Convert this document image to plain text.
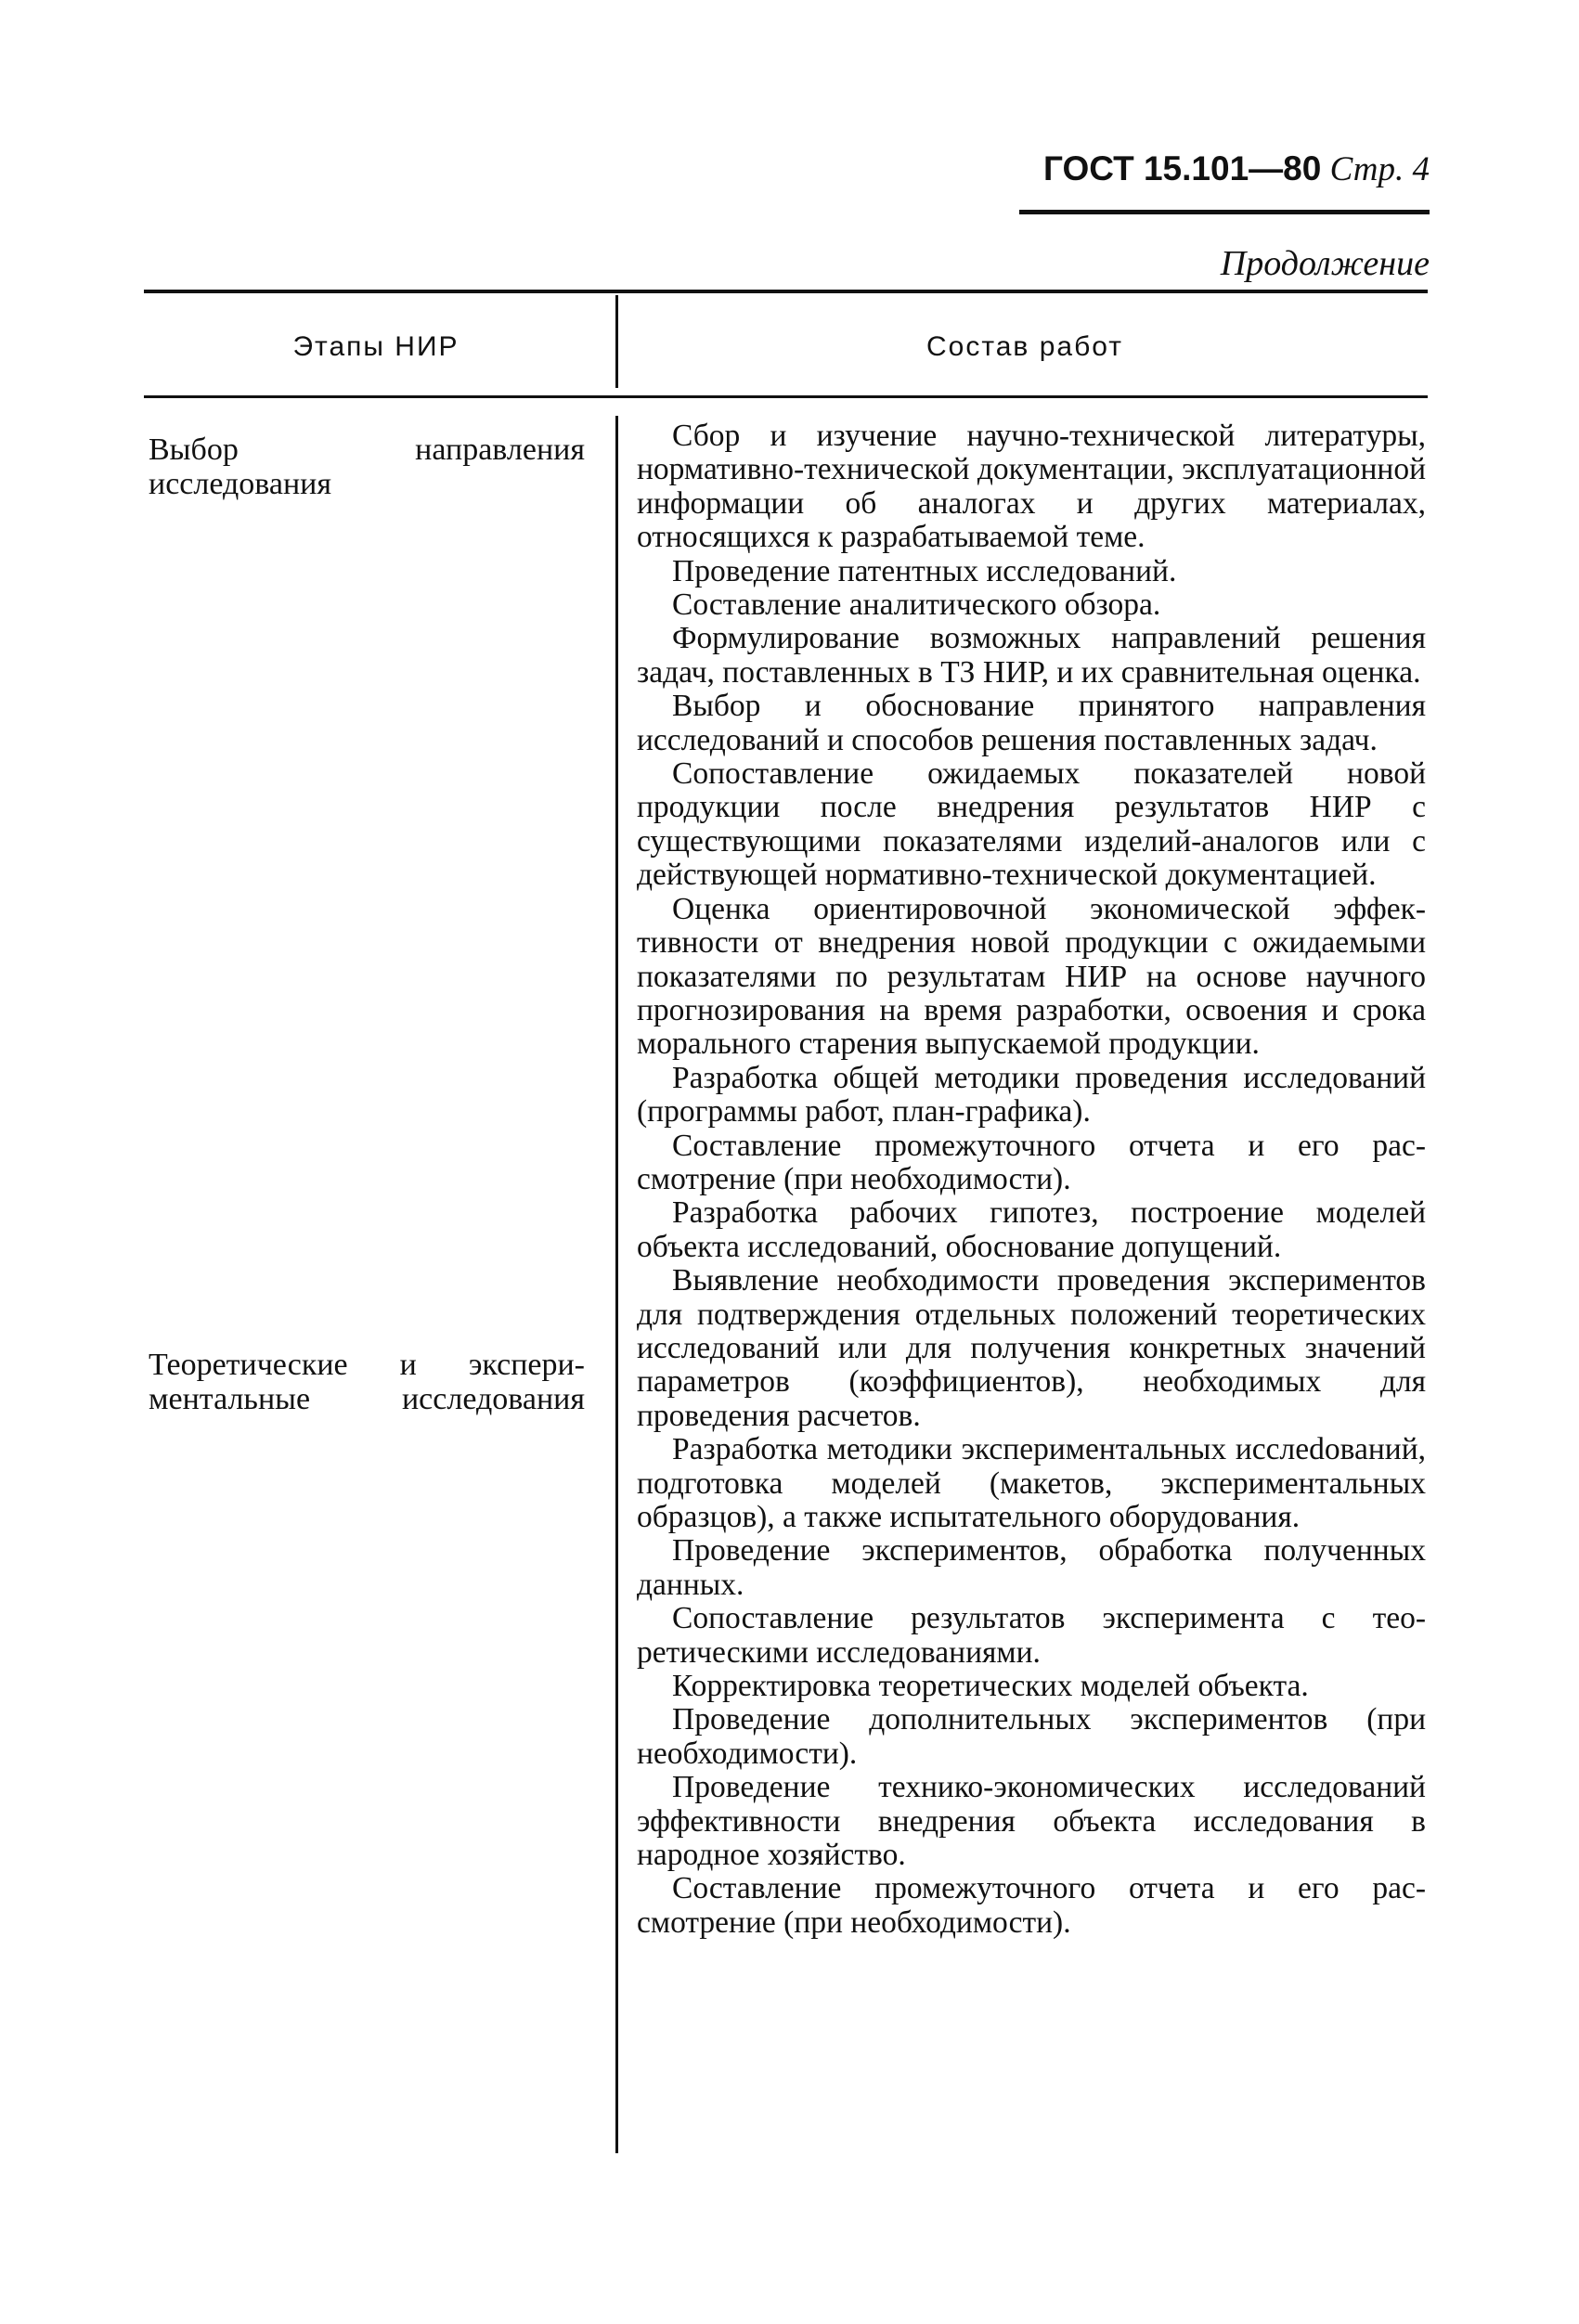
ГОСТ 15.101—80 Стр. 4
Продолжение
Этапы НИР	Состав работ
Выбор направления
исследования
Теоретические и экспери-
ментальные исследования

Сбор и изучение научно-технической литературы, нормативно-технической документации, эксплуатационной информации об аналогах и других материалах, относящихся к разрабатываемой теме.

Проведение патентных исследований.

Составление аналитического обзора.

Формулирование возможных направлений решения задач, поставленных в ТЗ НИР, и их сравнительная оценка.

Выбор и обоснование принятого направления исследований и способов решения поставленных задач.

Сопоставление ожидаемых показателей новой продукции после внедрения результатов НИР с существующими показателями изделий-аналогов или с действующей нормативно-технической документацией.

Оценка ориентировочной экономической эффективности от внедрения новой продукции с ожидаемыми показателями по результатам НИР на основе научного прогнозирования на время разработки, освоения и срока морального старения выпускаемой продукции.

Разработка общей методики проведения исследований (программы работ, план-графика).

Составление промежуточного отчета и его рассмотрение (при необходимости).

Разработка рабочих гипотез, построение моделей объекта исследований, обоснование допущений.

Выявление необходимости проведения экспериментов для подтверждения отдельных положений теоретических исследований или для получения конкретных значений параметров (коэффициентов), необходимых для проведения расчетов.

Разработка методики экспериментальных исслеdований, подготовка моделей (макетов, экспериментальных образцов), а также испытательного оборудования.

Проведение экспериментов, обработка полученных данных.

Сопоставление результатов эксперимента с теоретическими исследованиями.

Корректировка теоретических моделей объекта.

Проведение дополнительных экспериментов (при необходимости).

Проведение технико-экономических исследований эффективности внедрения объекта исследования в народное хозяйство.

Составление промежуточного отчета и его рассмотрение (при необходимости).
